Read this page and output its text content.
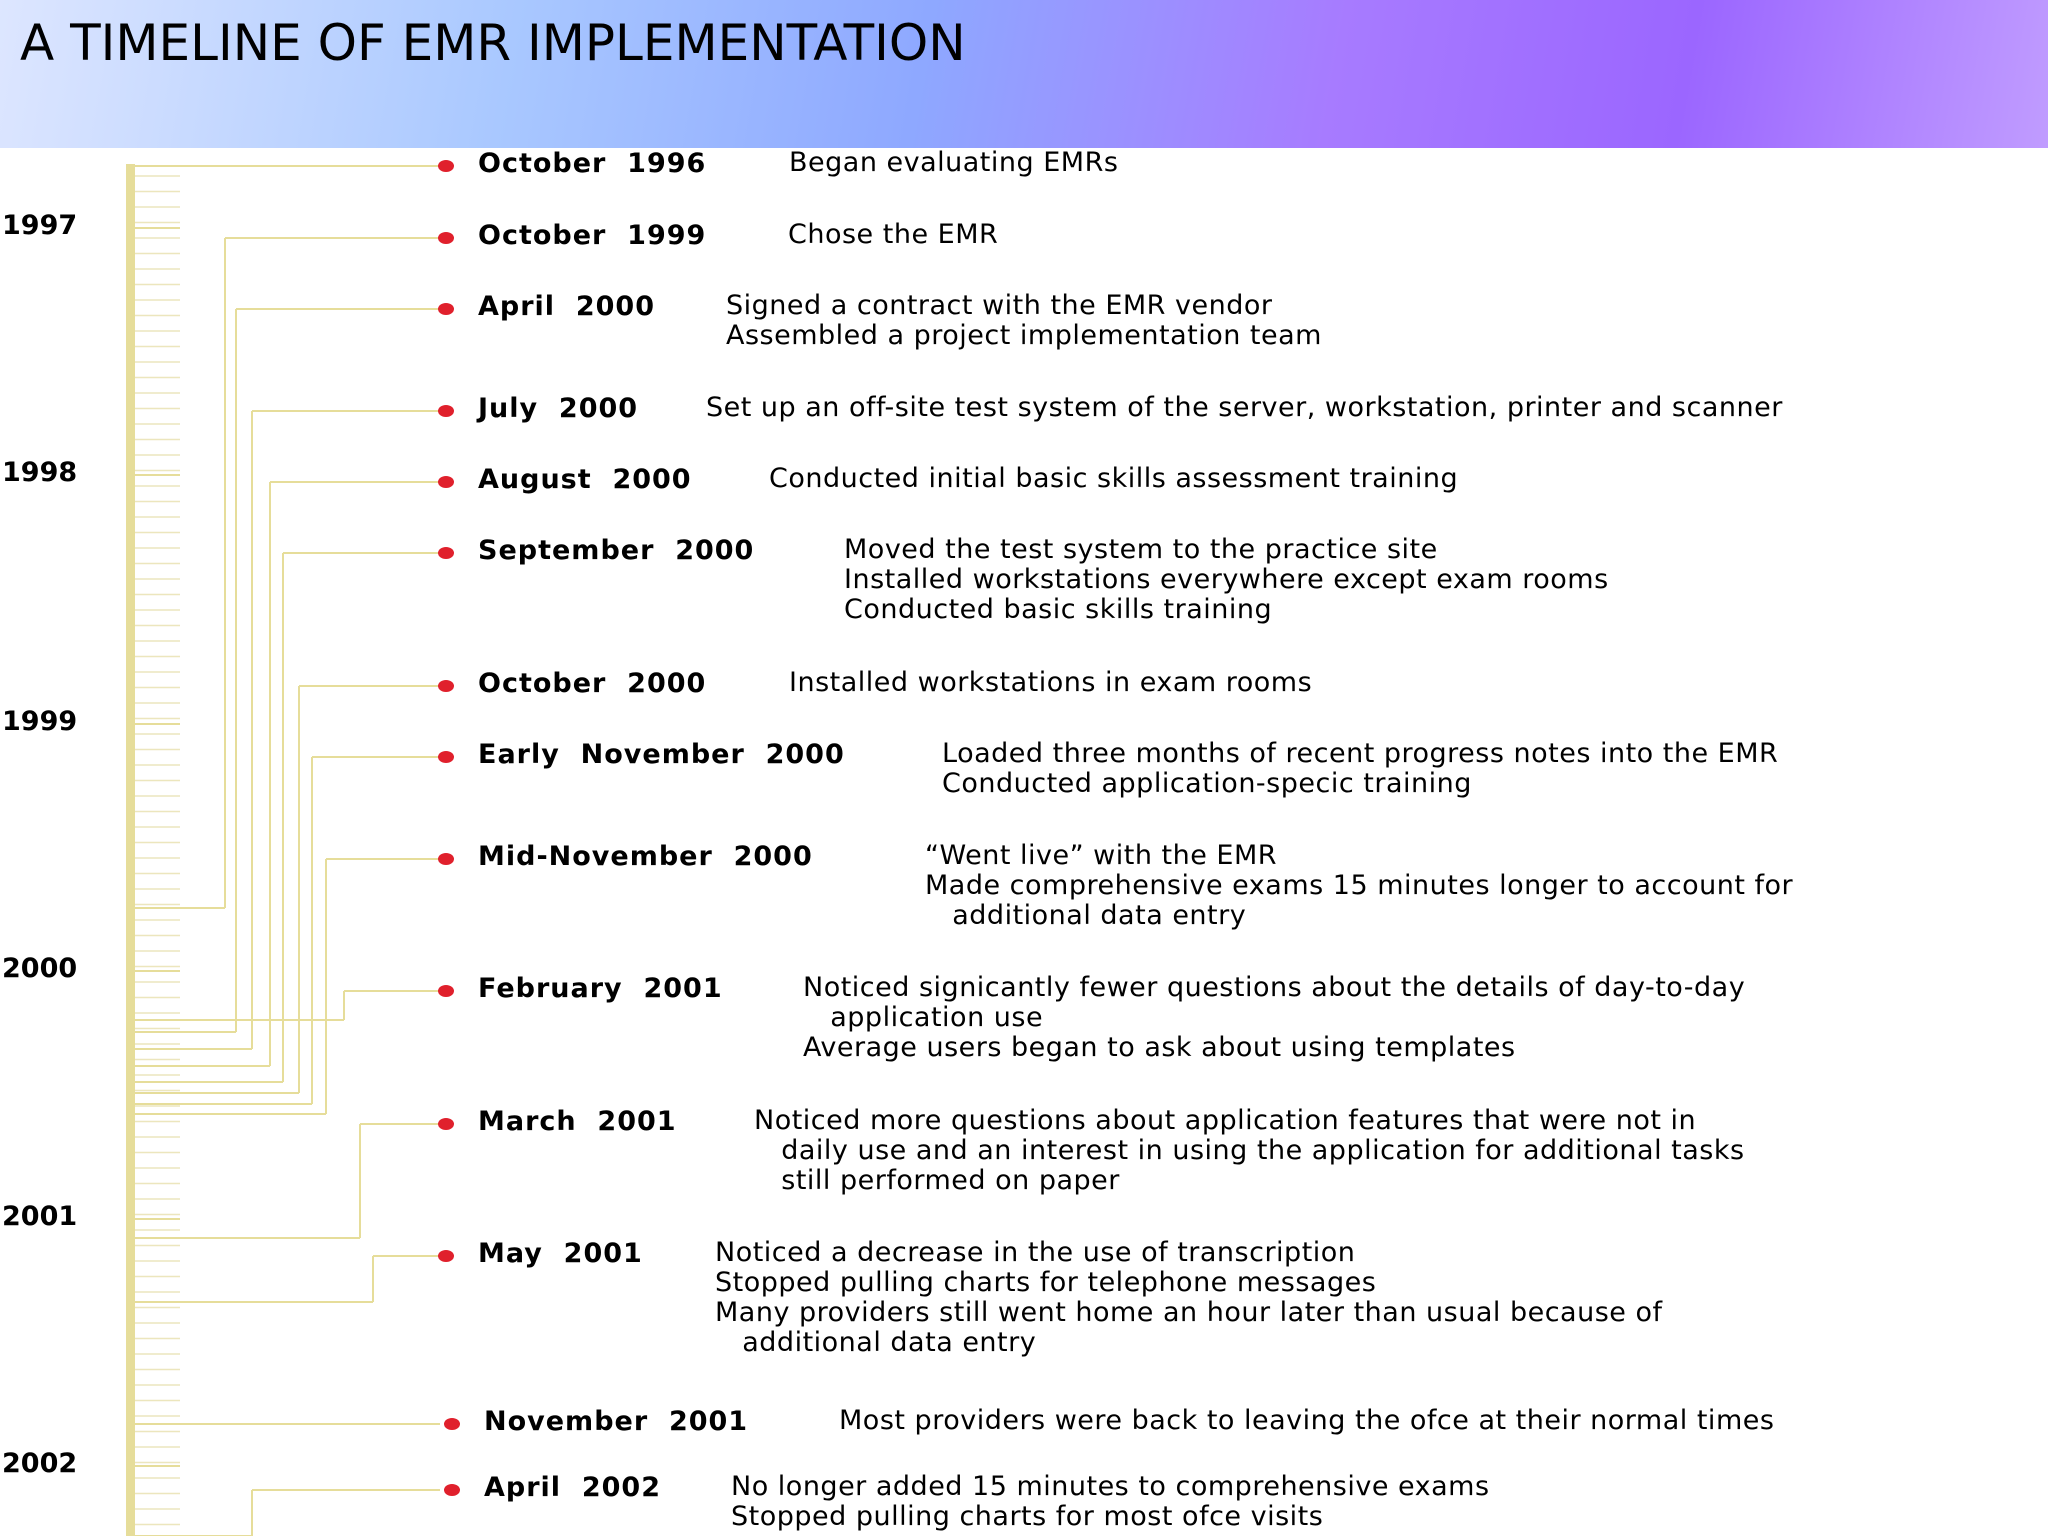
A TIMELINE OF EMR IMPLEMENTATION
1997
1998
1999
2000
2001
2002
October  1996	Began evaluating EMRs
October  1999	Chose the EMR
April  2000	Signed a contract with the EMR vendor
Assembled a project implementation team
July  2000	Set up an off-site test system of the server, workstation, printer and scanner
August  2000	Conducted initial basic skills assessment training
September  2000	Moved the test system to the practice site
Installed workstations everywhere except exam rooms
Conducted basic skills training
October  2000	Installed workstations in exam rooms
Early  November  2000	Loaded three months of recent progress notes into the EMR
Conducted application-specic training
Mid-November  2000	“Went live” with the EMR
Made comprehensive exams 15 minutes longer to account for
additional data entry
February  2001	Noticed signicantly fewer questions about the details of day-to-day
application use
Average users began to ask about using templates
March  2001	Noticed more questions about application features that were not in
daily use and an interest in using the application for additional tasks
still performed on paper
May  2001	Noticed a decrease in the use of transcription
Stopped pulling charts for telephone messages
Many providers still went home an hour later than usual because of
additional data entry
November  2001	Most providers were back to leaving the ofce at their normal times
April  2002	No longer added 15 minutes to comprehensive exams
Stopped pulling charts for most ofce visits
